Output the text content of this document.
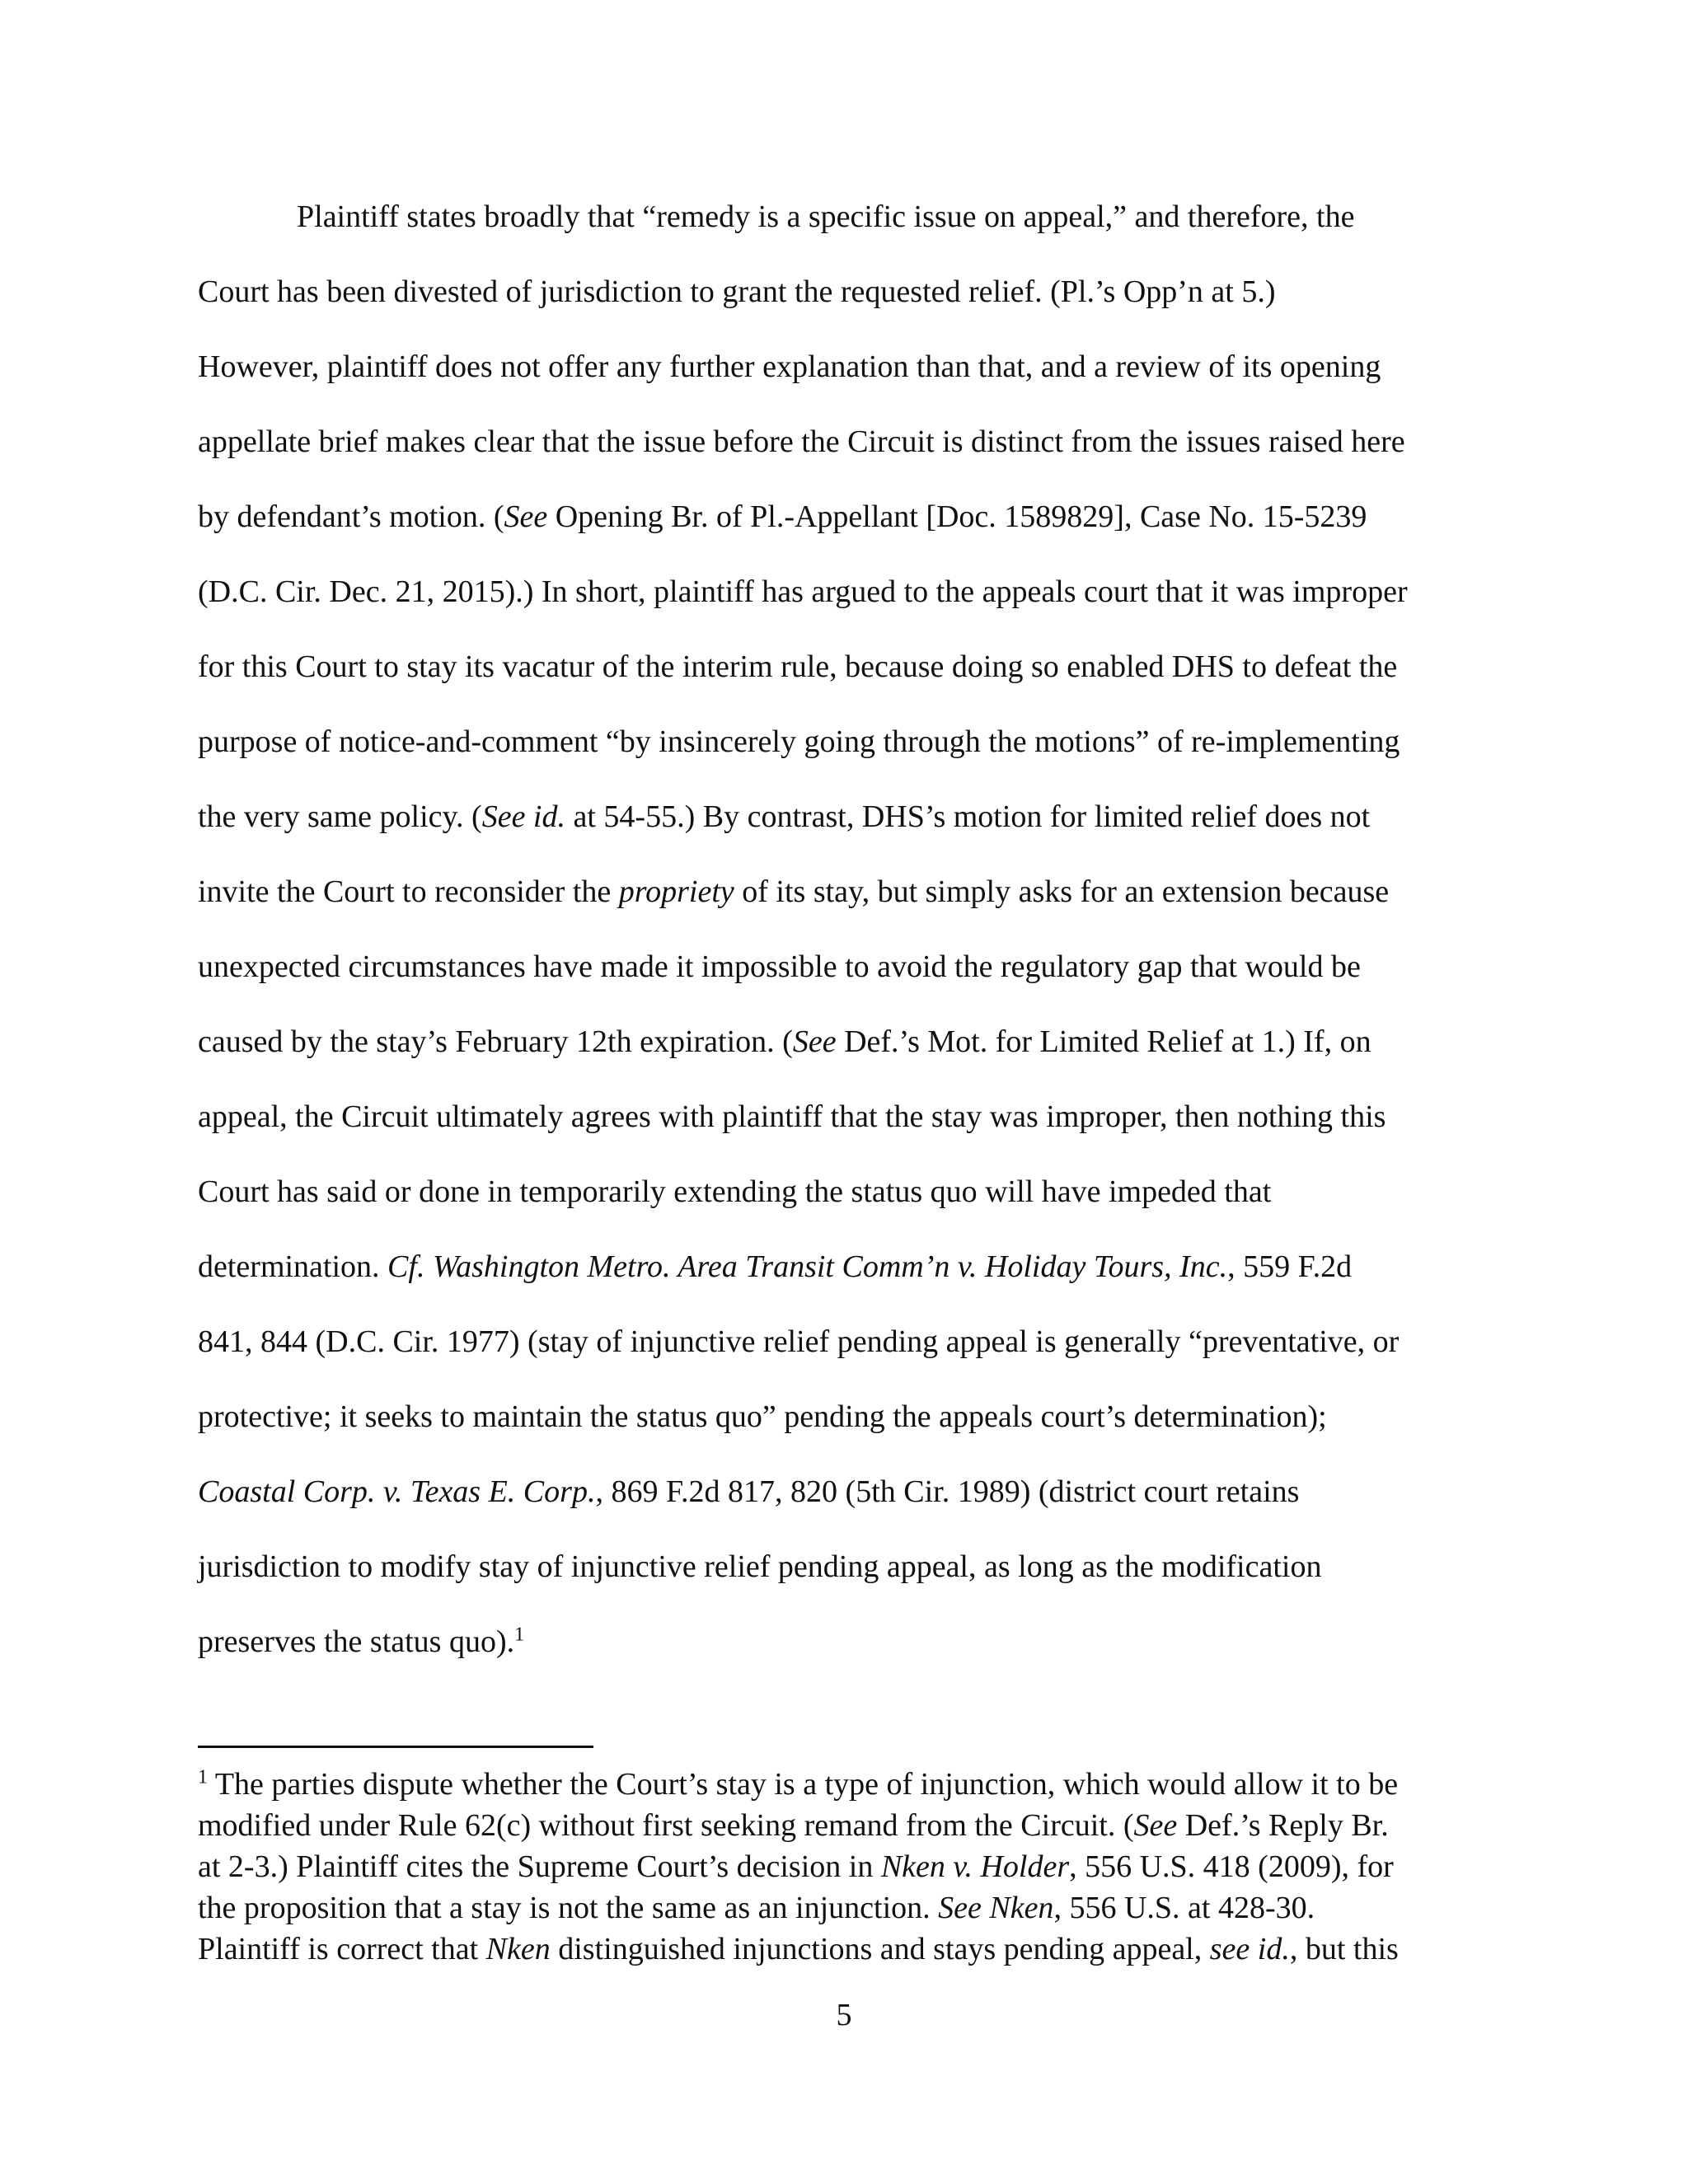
Plaintiff states broadly that “remedy is a specific issue on appeal,” and therefore, the
Court has been divested of jurisdiction to grant the requested relief. (Pl.’s Opp’n at 5.)
However, plaintiff does not offer any further explanation than that, and a review of its opening
appellate brief makes clear that the issue before the Circuit is distinct from the issues raised here
by defendant’s motion. (See Opening Br. of Pl.-Appellant [Doc. 1589829], Case No. 15-5239
(D.C. Cir. Dec. 21, 2015).) In short, plaintiff has argued to the appeals court that it was improper
for this Court to stay its vacatur of the interim rule, because doing so enabled DHS to defeat the
purpose of notice-and-comment “by insincerely going through the motions” of re-implementing
the very same policy. (See id. at 54-55.) By contrast, DHS’s motion for limited relief does not
invite the Court to reconsider the propriety of its stay, but simply asks for an extension because
unexpected circumstances have made it impossible to avoid the regulatory gap that would be
caused by the stay’s February 12th expiration. (See Def.’s Mot. for Limited Relief at 1.) If, on
appeal, the Circuit ultimately agrees with plaintiff that the stay was improper, then nothing this
Court has said or done in temporarily extending the status quo will have impeded that
determination. Cf. Washington Metro. Area Transit Comm’n v. Holiday Tours, Inc., 559 F.2d
841, 844 (D.C. Cir. 1977) (stay of injunctive relief pending appeal is generally “preventative, or
protective; it seeks to maintain the status quo” pending the appeals court’s determination);
Coastal Corp. v. Texas E. Corp., 869 F.2d 817, 820 (5th Cir. 1989) (district court retains
jurisdiction to modify stay of injunctive relief pending appeal, as long as the modification
preserves the status quo).$^1$
$^1$ The parties dispute whether the Court’s stay is a type of injunction, which would allow it to be
modified under Rule 62(c) without first seeking remand from the Circuit. (See Def.’s Reply Br.
at 2-3.) Plaintiff cites the Supreme Court’s decision in Nken v. Holder, 556 U.S. 418 (2009), for
the proposition that a stay is not the same as an injunction. See Nken, 556 U.S. at 428-30.
Plaintiff is correct that Nken distinguished injunctions and stays pending appeal, see id., but this
5
